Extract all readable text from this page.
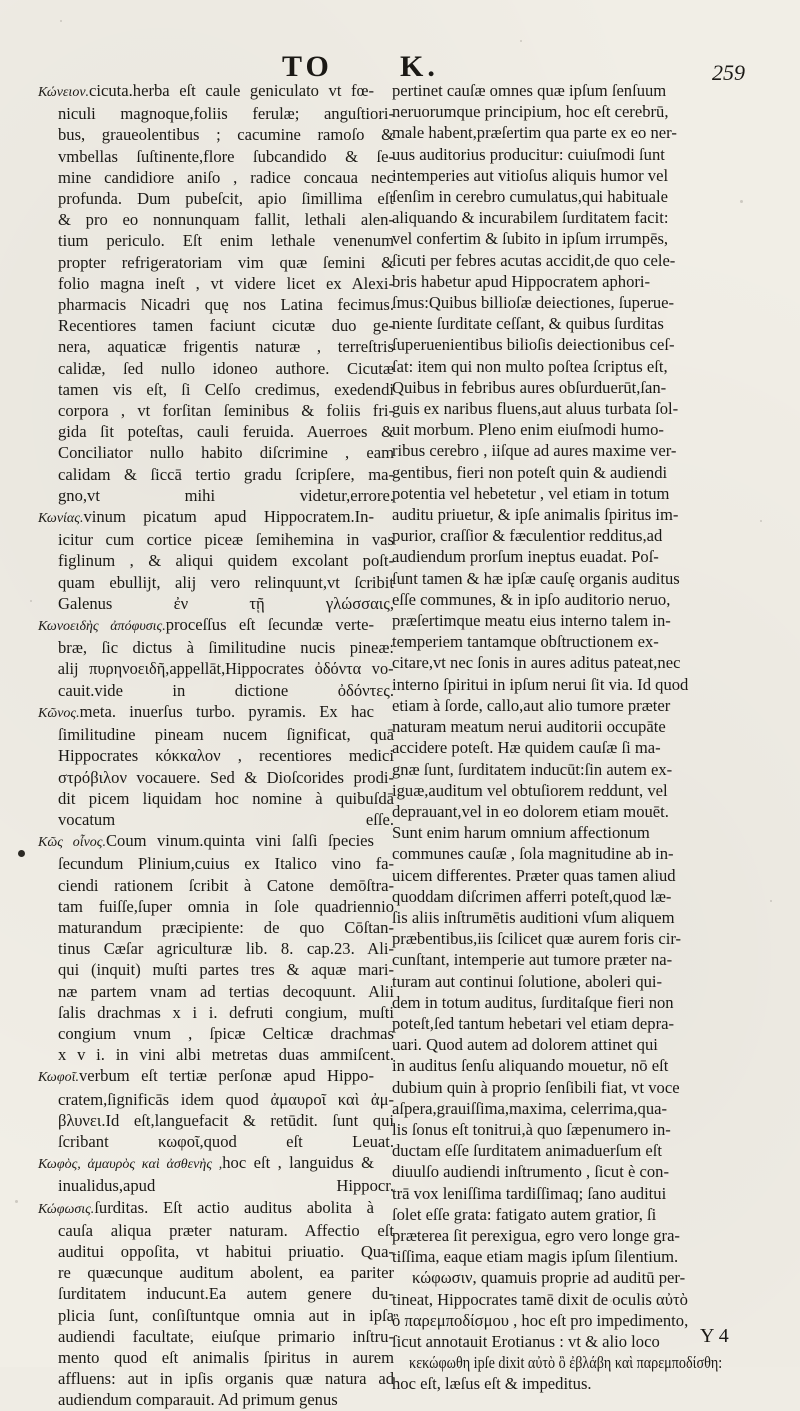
TO K.	259
Κώνειον.cicuta.herba eſt caule geniculato vt fœ-
niculi magnoque,foliis ferulæ; anguſtiori-
bus, graueolentibus ; cacumine ramoſo &
vmbellas ſuſtinente,flore ſubcandido & ſe-
mine candidiore aniſo , radice concaua nec
profunda. Dum pubeſcit, apio ſimillima eſt
& pro eo nonnunquam fallit, lethali alen-
tium periculo. Eſt enim lethale venenum
propter refrigeratoriam vim quæ ſemini &
folio magna ineſt , vt videre licet ex Alexi-
pharmacis Nicadri quę nos Latina fecimus.
Recentiores tamen faciunt cicutæ duo ge-
nera, aquaticæ frigentis naturæ , terreſtris
calidæ, ſed nullo idoneo authore. Cicutæ
tamen vis eſt, ſi Celſo credimus, exedendi
corpora , vt forſitan ſeminibus & foliis fri-
gida ſit poteſtas, cauli feruida. Auerroes &
Conciliator nullo habito diſcrimine , eam
calidam & ſiccā tertio gradu ſcripſere, ma-
gno,vt mihi videtur,errore.
Κωνίας.vinum picatum apud Hippocratem.In-
icitur cum cortice piceæ ſemihemina in vas
figlinum , & aliqui quidem excolant poſt-
quam ebullijt, alij vero relinquunt,vt ſcribit
Galenus ἐν τῇ γλώσσαις,
Κωνοειδὴς ἀπόφυσις.proceſſus eſt ſecundæ verte-
bræ, ſic dictus à ſimilitudine nucis pineæ:
alij πυρηνοειδῆ,appellāt,Hippocrates ὀδόντα vo-
cauit.vide in dictione ὀδόντες.
Κῶνος.meta. inuerſus turbo. pyramis. Ex hac
ſimilitudine pineam nucem ſignificat, quā
Hippocrates κόκκαλον , recentiores medici
στρόβιλον vocauere. Sed & Dioſcorides prodi-
dit picem liquidam hoc nomine à quibuſdā
vocatum eſſe.
Κῶς οἶνος.Coum vinum.quinta vini ſalſi ſpecies
ſecundum Plinium,cuius ex Italico vino fa-
ciendi rationem ſcribit à Catone demōſtra-
tam fuiſſe,ſuper omnia in ſole quadriennio
maturandum præcipiente: de quo Cōſtan-
tinus Cæſar agriculturæ lib. 8. cap.23. Ali-
qui (inquit) muſti partes tres & aquæ mari-
næ partem vnam ad tertias decoquunt. Alii
ſalis drachmas x i i. defruti congium, muſti
congium vnum , ſpicæ Celticæ drachmas
x v i. in vini albi metretas duas ammiſcent.
Κωφοῖ.verbum eſt tertiæ perſonæ apud Hippo-
cratem,ſignificās idem quod ἀμαυροῖ καὶ ἀμ-
βλυνει.Id eſt,languefacit & retūdit. ſunt qui
ſcribant κωφοῖ,quod eſt Leuat.
Κωφὸς, ἀμαυρὸς καὶ ἀσθενὴς ,hoc eſt , languidus &
inualidus,apud Hippocr.
Κώφωσις.ſurditas. Eſt actio auditus abolita à
cauſa aliqua præter naturam. Affectio eſt
auditui oppoſita, vt habitui priuatio. Qua-
re quæcunque auditum abolent, ea pariter
ſurditatem inducunt.Ea autem genere du-
plicia ſunt, conſiſtuntque omnia aut in ipſa
audiendi facultate, eiuſque primario inſtru-
mento quod eſt animalis ſpiritus in aurem
affluens: aut in ipſis organis quæ natura ad
audiendum comparauit. Ad primum genus
pertinet cauſæ omnes quæ ipſum ſenſuum
neruorumque principium, hoc eſt cerebrū,
male habent,præſertim qua parte ex eo ner-
uus auditorius producitur: cuiuſmodi ſunt
intemperies aut vitioſus aliquis humor vel
ſenſim in cerebro cumulatus,qui habituale
aliquando & incurabilem ſurditatem facit:
vel confertim & ſubito in ipſum irrumpēs,
ſicuti per febres acutas accidit,de quo cele-
bris habetur apud Hippocratem aphori-
ſmus:Quibus billioſæ deiectiones, ſuperue-
niente ſurditate ceſſant, & quibus ſurditas
ſuperuenientibus bilioſis deiectionibus ceſ-
ſat: item qui non multo poſtea ſcriptus eſt,
Quibus in febribus aures obſurduerūt,ſan-
guis ex naribus fluens,aut aluus turbata ſol-
uit morbum. Pleno enim eiuſmodi humo-
ribus cerebro , iiſque ad aures maxime ver-
gentibus, fieri non poteſt quin & audiendi
potentia vel hebetetur , vel etiam in totum
auditu priuetur, & ipſe animalis ſpiritus im-
purior, craſſior & fæculentior redditus,ad
audiendum prorſum ineptus euadat. Poſ-
ſunt tamen & hæ ipſæ cauſę organis auditus
eſſe communes, & in ipſo auditorio neruo,
præſertimque meatu eius interno talem in-
temperiem tantamque obſtructionem ex-
citare,vt nec ſonis in aures aditus pateat,nec
interno ſpiritui in ipſum nerui ſit via. Id quod
etiam à ſorde, callo,aut alio tumore præter
naturam meatum nerui auditorii occupāte
accidere poteſt. Hæ quidem cauſæ ſi ma-
gnæ ſunt, ſurditatem inducūt:ſin autem ex-
iguæ,auditum vel obtuſiorem reddunt, vel
deprauant,vel in eo dolorem etiam mouēt.
Sunt enim harum omnium affectionum
communes cauſæ , ſola magnitudine ab in-
uicem differentes. Præter quas tamen aliud
quoddam diſcrimen afferri poteſt,quod læ-
ſis aliis inſtrumētis auditioni vſum aliquem
præbentibus,iis ſcilicet quæ aurem foris cir-
cunſtant, intemperie aut tumore præter na-
turam aut continui ſolutione, aboleri qui-
dem in totum auditus, ſurditaſque fieri non
poteſt,ſed tantum hebetari vel etiam depra-
uari. Quod autem ad dolorem attinet qui
in auditus ſenſu aliquando mouetur, nō eſt
dubium quin à proprio ſenſibili fiat, vt voce
aſpera,grauiſſima,maxima, celerrima,qua-
lis ſonus eſt tonitrui,à quo ſæpenumero in-
ductam eſſe ſurditatem animaduerſum eſt
diuulſo audiendi inſtrumento , ſicut è con-
trā vox leniſſima tardiſſimaq; ſano auditui
ſolet eſſe grata: fatigato autem gratior, ſi
præterea ſit perexigua, egro vero longe gra-
tiſſima, eaque etiam magis ipſum ſilentium.
κώφωσιν, quamuis proprie ad auditū per-
tineat, Hippocrates tamē dixit de oculis αὐτὸ
ὃ παρεμποδίσμου , hoc eſt pro impedimento,
ſicut annotauit Erotianus : vt & alio loco
κεκώφωθη ipſe dixit αὐτὸ ὃ ἐβλάβη καὶ παρεμποδίσθη:
hoc eſt, læſus eſt & impeditus.
Y 4
